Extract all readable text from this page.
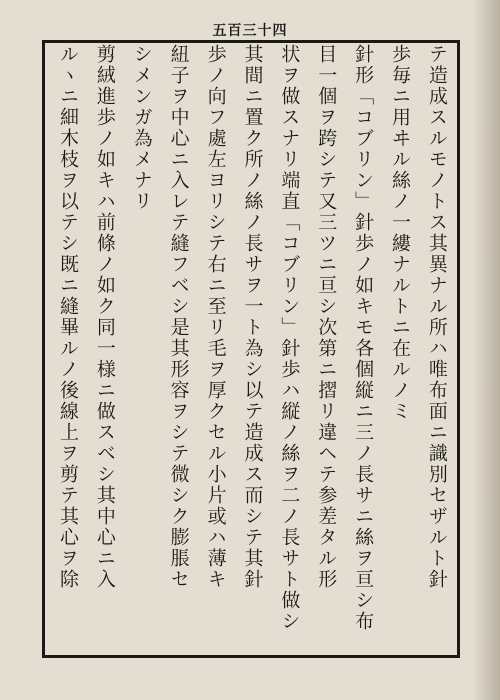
五百三十四
テ造成スルモノトス其異ナル所ハ唯布面ニ識別セザルト針
歩毎ニ用ヰル絲ノ一縷ナルトニ在ルノミ
針形「コブリン」針歩ノ如キモ各個縦ニ三ノ長サニ絲ヲ亘シ布
目一個ヲ跨シテ又三ツニ亘シ次第ニ摺リ違ヘテ参差タル形
状ヲ做スナリ端直「コブリン」針歩ハ縦ノ絲ヲ二ノ長サト做シ
其間ニ置ク所ノ絲ノ長サヲ一ト為シ以テ造成ス而シテ其針
歩ノ向フ處左ヨリシテ右ニ至リ毛ヲ厚クセル小片或ハ薄キ
紐子ヲ中心ニ入レテ縫フベシ是其形容ヲシテ微シク膨脹セ
シメンガ為メナリ
剪絨進歩ノ如キハ前條ノ如ク同一様ニ做スベシ其中心ニ入
ルヽニ細木枝ヲ以テシ既ニ縫畢ルノ後線上ヲ剪テ其心ヲ除
